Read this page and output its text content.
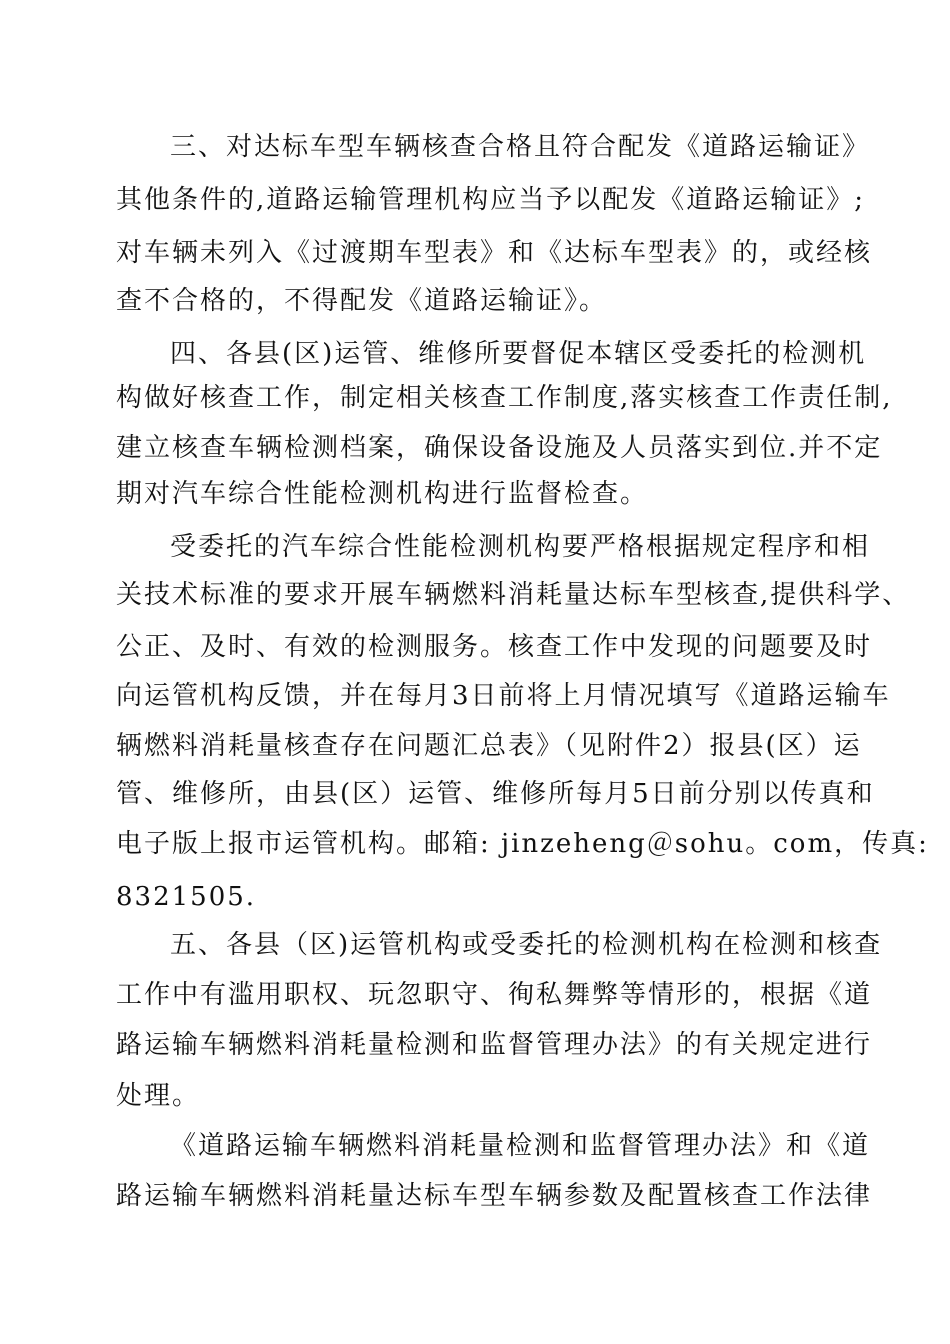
三、对达标车型车辆核查合格且符合配发《道路运输证》
其他条件的,道路运输管理机构应当予以配发《道路运输证》;
对车辆未列入《过渡期车型表》和《达标车型表》的，或经核
查不合格的，不得配发《道路运输证》。
四、各县(区)运管、维修所要督促本辖区受委托的检测机
构做好核查工作，制定相关核查工作制度,落实核查工作责任制,
建立核查车辆检测档案，确保设备设施及人员落实到位.并不定
期对汽车综合性能检测机构进行监督检查。
受委托的汽车综合性能检测机构要严格根据规定程序和相
关技术标准的要求开展车辆燃料消耗量达标车型核查,提供科学、
公正、及时、有效的检测服务。核查工作中发现的问题要及时
向运管机构反馈，并在每月3日前将上月情况填写《道路运输车
辆燃料消耗量核查存在问题汇总表》（见附件2）报县(区）运
管、维修所，由县(区）运管、维修所每月5日前分别以传真和
电子版上报市运管机构。邮箱: jinzeheng＠sohu。com，传真:
8321505.
五、各县（区)运管机构或受委托的检测机构在检测和核查
工作中有滥用职权、玩忽职守、徇私舞弊等情形的，根据《道
路运输车辆燃料消耗量检测和监督管理办法》的有关规定进行
处理。
《道路运输车辆燃料消耗量检测和监督管理办法》和《道
路运输车辆燃料消耗量达标车型车辆参数及配置核查工作法律
